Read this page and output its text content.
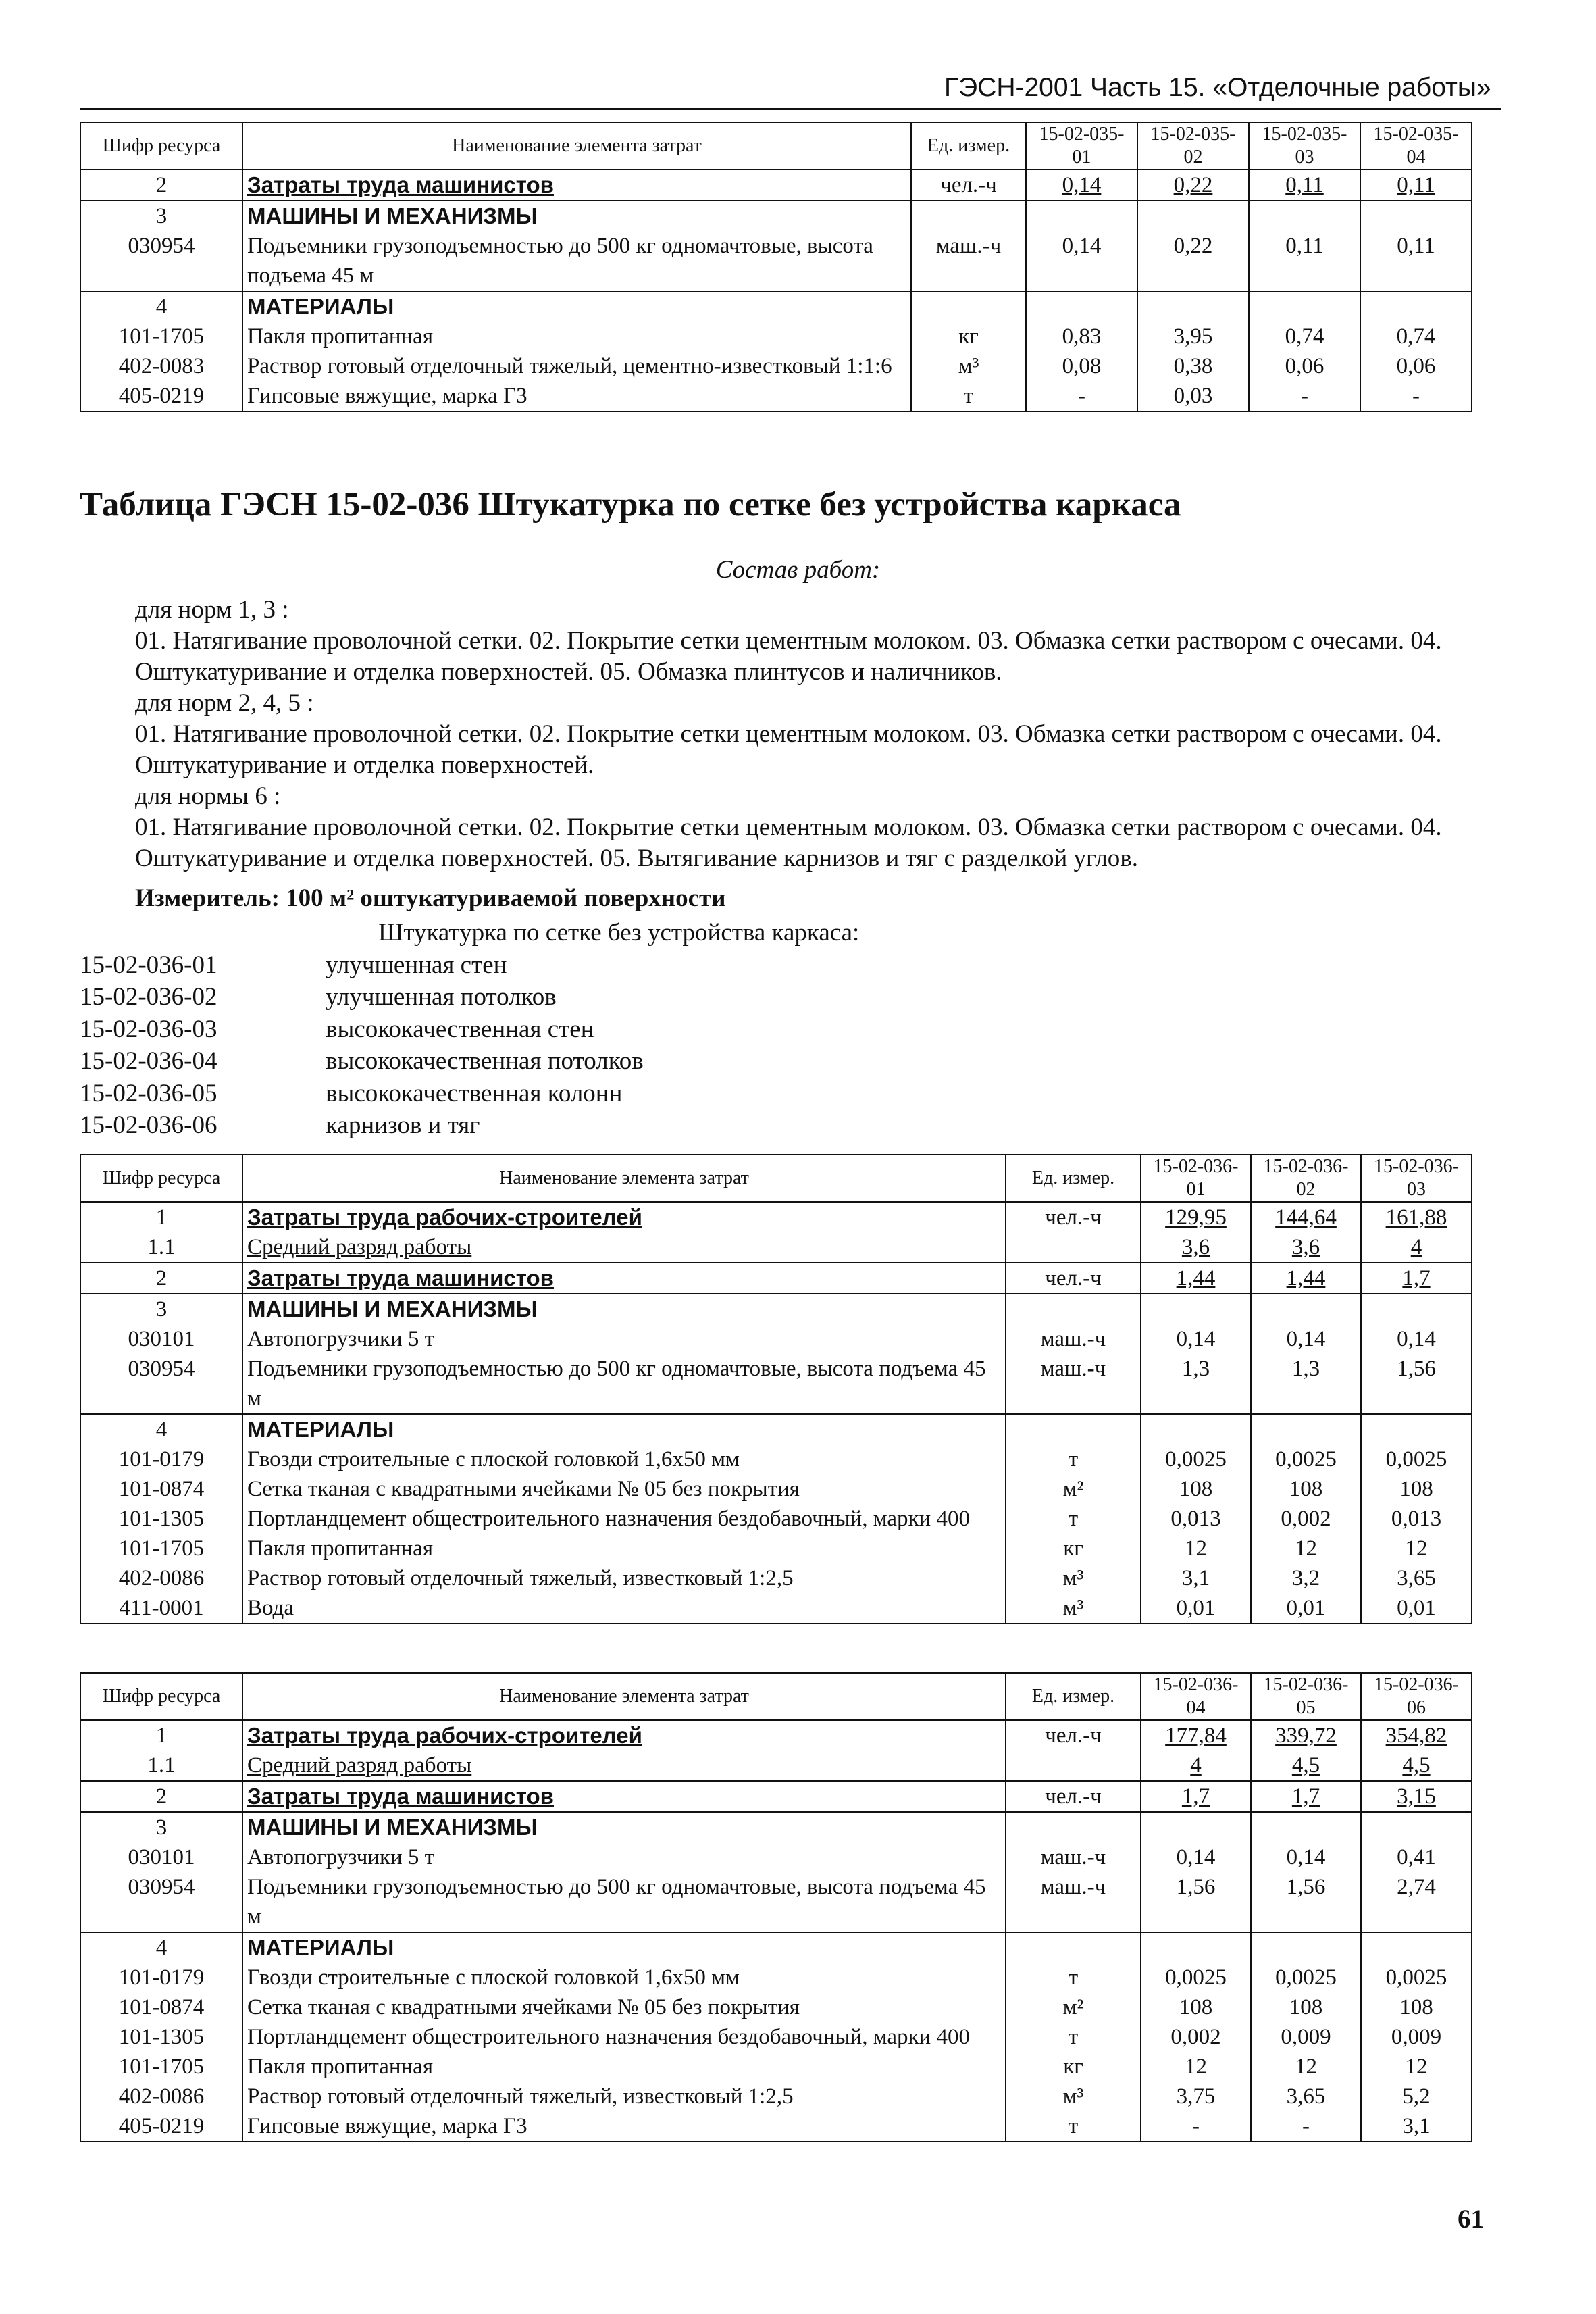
ГЭСН-2001 Часть 15. «Отделочные работы»
Шифр ресурса	Наименование элемента затрат	Ед. измер.	15-02-035-01	15-02-035-02	15-02-035-03	15-02-035-04
2	Затраты труда машинистов	чел.-ч	0,14	0,22	0,11	0,11
3	МАШИНЫ И МЕХАНИЗМЫ					
030954	Подъемники грузоподъемностью до 500 кг одномачтовые, высота подъема 45 м	маш.-ч	0,14	0,22	0,11	0,11
4	МАТЕРИАЛЫ					
101-1705	Пакля пропитанная	кг	0,83	3,95	0,74	0,74
402-0083	Раствор готовый отделочный тяжелый, цементно-известковый 1:1:6	м³	0,08	0,38	0,06	0,06
405-0219	Гипсовые вяжущие, марка Г3	т	-	0,03	-	-
Таблица ГЭСН 15-02-036 Штукатурка по сетке без устройства каркаса
Состав работ:
для норм 1, 3 :
01. Натягивание проволочной сетки. 02. Покрытие сетки цементным молоком. 03. Обмазка сетки раствором с очесами. 04. Оштукатуривание и отделка поверхностей. 05. Обмазка плинтусов и наличников.
для норм 2, 4, 5 :
01. Натягивание проволочной сетки. 02. Покрытие сетки цементным молоком. 03. Обмазка сетки раствором с очесами. 04. Оштукатуривание и отделка поверхностей.
для нормы 6 :
01. Натягивание проволочной сетки. 02. Покрытие сетки цементным молоком. 03. Обмазка сетки раствором с очесами. 04. Оштукатуривание и отделка поверхностей. 05. Вытягивание карнизов и тяг с разделкой углов.
Измеритель: 100 м² оштукатуриваемой поверхности
Штукатурка по сетке без устройства каркаса:
15-02-036-01	улучшенная стен
15-02-036-02	улучшенная потолков
15-02-036-03	высококачественная стен
15-02-036-04	высококачественная потолков
15-02-036-05	высококачественная колонн
15-02-036-06	карнизов и тяг
Шифр ресурса	Наименование элемента затрат	Ед. измер.	15-02-036-01	15-02-036-02	15-02-036-03
1	Затраты труда рабочих-строителей	чел.-ч	129,95	144,64	161,88
1.1	Средний разряд работы		3,6	3,6	4
2	Затраты труда машинистов	чел.-ч	1,44	1,44	1,7
3	МАШИНЫ И МЕХАНИЗМЫ				
030101	Автопогрузчики 5 т	маш.-ч	0,14	0,14	0,14
030954	Подъемники грузоподъемностью до 500 кг одномачтовые, высота подъема 45 м	маш.-ч	1,3	1,3	1,56
4	МАТЕРИАЛЫ				
101-0179	Гвозди строительные с плоской головкой 1,6x50 мм	т	0,0025	0,0025	0,0025
101-0874	Сетка тканая с квадратными ячейками № 05 без покрытия	м²	108	108	108
101-1305	Портландцемент общестроительного назначения бездобавочный, марки 400	т	0,013	0,002	0,013
101-1705	Пакля пропитанная	кг	12	12	12
402-0086	Раствор готовый отделочный тяжелый, известковый 1:2,5	м³	3,1	3,2	3,65
411-0001	Вода	м³	0,01	0,01	0,01
Шифр ресурса	Наименование элемента затрат	Ед. измер.	15-02-036-04	15-02-036-05	15-02-036-06
1	Затраты труда рабочих-строителей	чел.-ч	177,84	339,72	354,82
1.1	Средний разряд работы		4	4,5	4,5
2	Затраты труда машинистов	чел.-ч	1,7	1,7	3,15
3	МАШИНЫ И МЕХАНИЗМЫ				
030101	Автопогрузчики 5 т	маш.-ч	0,14	0,14	0,41
030954	Подъемники грузоподъемностью до 500 кг одномачтовые, высота подъема 45 м	маш.-ч	1,56	1,56	2,74
4	МАТЕРИАЛЫ				
101-0179	Гвозди строительные с плоской головкой 1,6x50 мм	т	0,0025	0,0025	0,0025
101-0874	Сетка тканая с квадратными ячейками № 05 без покрытия	м²	108	108	108
101-1305	Портландцемент общестроительного назначения бездобавочный, марки 400	т	0,002	0,009	0,009
101-1705	Пакля пропитанная	кг	12	12	12
402-0086	Раствор готовый отделочный тяжелый, известковый 1:2,5	м³	3,75	3,65	5,2
405-0219	Гипсовые вяжущие, марка Г3	т	-	-	3,1
61
